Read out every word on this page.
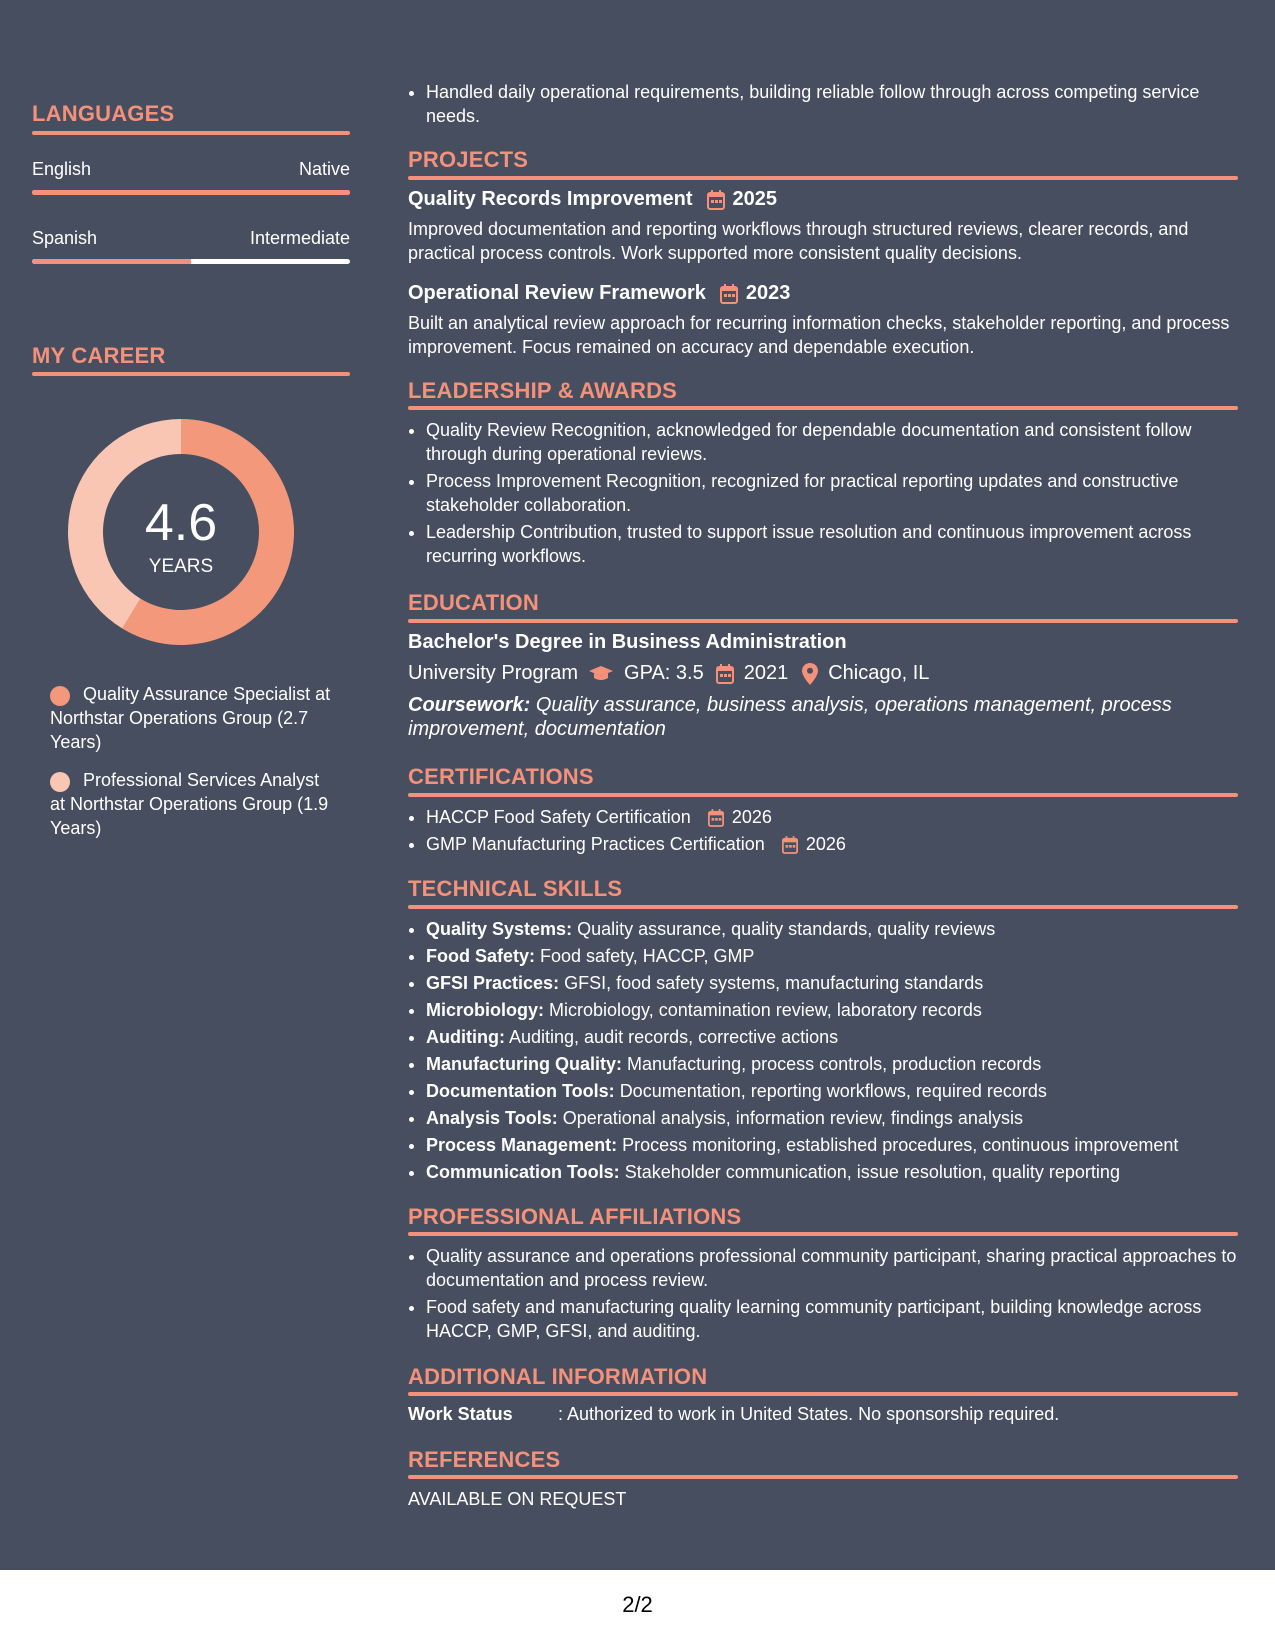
LANGUAGES
English	Native
Spanish	Intermediate
MY CAREER
4.6
YEARS
Quality Assurance Specialist at Northstar Operations Group (2.7 Years)
Professional Services Analyst at Northstar Operations Group (1.9 Years)
• Handled daily operational requirements, building reliable follow through across competing service needs.
PROJECTS
Quality Records Improvement 2025
Improved documentation and reporting workflows through structured reviews, clearer records, and practical process controls. Work supported more consistent quality decisions.
Operational Review Framework 2023
Built an analytical review approach for recurring information checks, stakeholder reporting, and process improvement. Focus remained on accuracy and dependable execution.
LEADERSHIP & AWARDS
• Quality Review Recognition, acknowledged for dependable documentation and consistent follow through during operational reviews.
• Process Improvement Recognition, recognized for practical reporting updates and constructive stakeholder collaboration.
• Leadership Contribution, trusted to support issue resolution and continuous improvement across recurring workflows.
EDUCATION
Bachelor's Degree in Business Administration
University Program GPA: 3.5 2021 Chicago, IL
Coursework: Quality assurance, business analysis, operations management, process improvement, documentation
CERTIFICATIONS
• HACCP Food Safety Certification 2026
• GMP Manufacturing Practices Certification 2026
TECHNICAL SKILLS
• Quality Systems: Quality assurance, quality standards, quality reviews
• Food Safety: Food safety, HACCP, GMP
• GFSI Practices: GFSI, food safety systems, manufacturing standards
• Microbiology: Microbiology, contamination review, laboratory records
• Auditing: Auditing, audit records, corrective actions
• Manufacturing Quality: Manufacturing, process controls, production records
• Documentation Tools: Documentation, reporting workflows, required records
• Analysis Tools: Operational analysis, information review, findings analysis
• Process Management: Process monitoring, established procedures, continuous improvement
• Communication Tools: Stakeholder communication, issue resolution, quality reporting
PROFESSIONAL AFFILIATIONS
• Quality assurance and operations professional community participant, sharing practical approaches to documentation and process review.
• Food safety and manufacturing quality learning community participant, building knowledge across HACCP, GMP, GFSI, and auditing.
ADDITIONAL INFORMATION
Work Status	: Authorized to work in United States. No sponsorship required.
REFERENCES
AVAILABLE ON REQUEST
2/2
